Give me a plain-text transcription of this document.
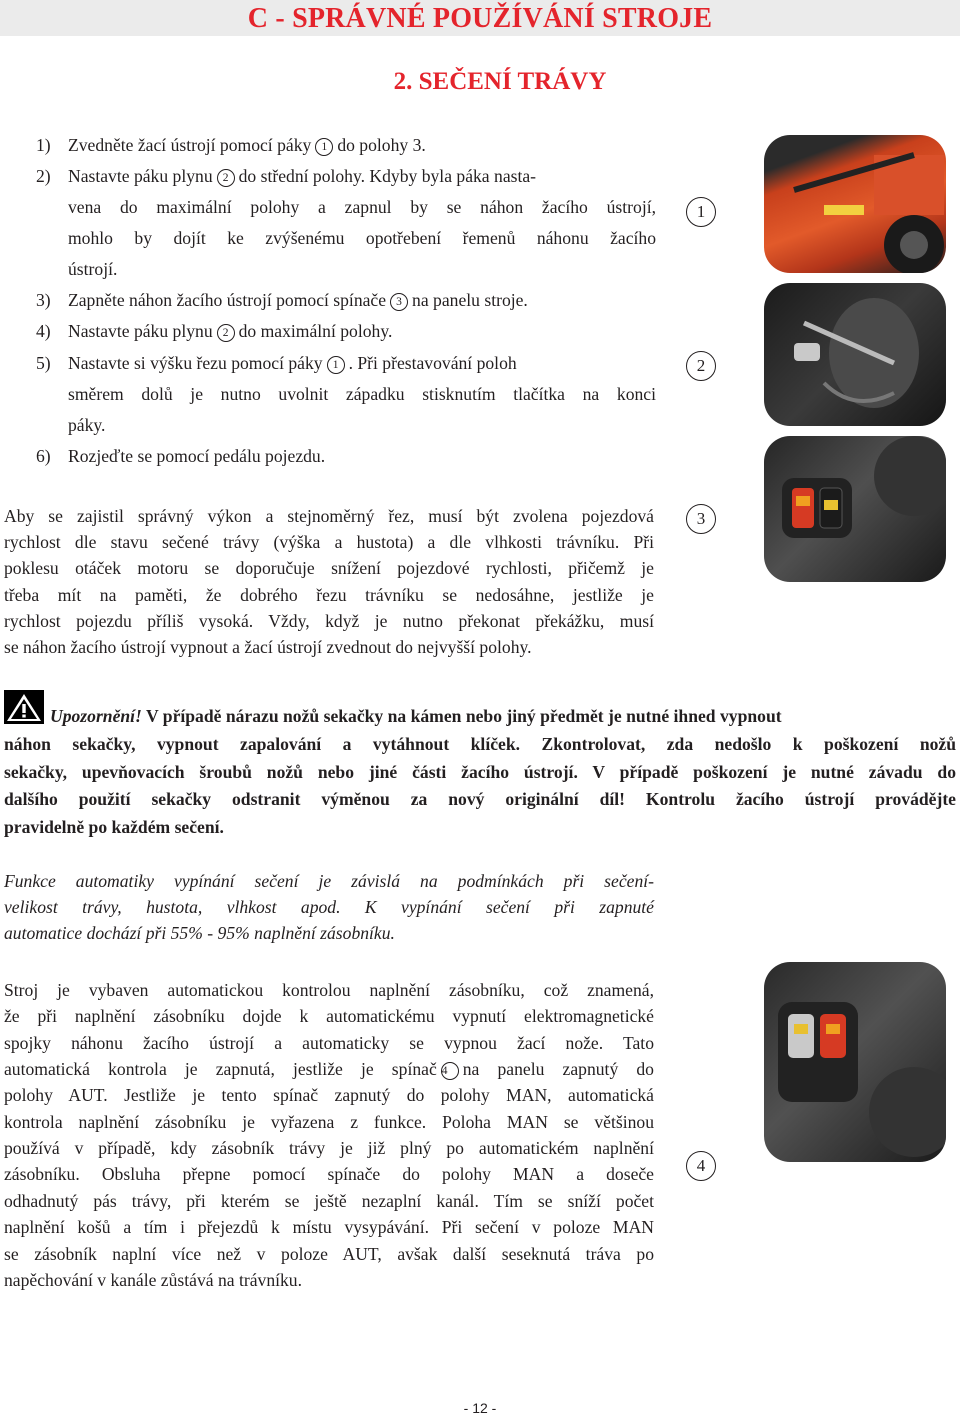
C - SPRÁVNÉ POUŽÍVÁNÍ STROJE
2. SEČENÍ TRÁVY
1) Zvedněte žací ústrojí pomocí páky 1 do polohy 3.
2) Nastavte páku plynu 2 do střední polohy. Kdyby byla páka nasta-
vena do maximální polohy a zapnul by se náhon žacího ústrojí,
mohlo by dojít ke zvýšenému opotřebení řemenů náhonu žacího
ústrojí.
3) Zapněte náhon žacího ústrojí pomocí spínače 3 na panelu stroje.
4) Nastavte páku plynu 2 do maximální polohy.
5) Nastavte si výšku řezu pomocí páky 1 . Při přestavování poloh
směrem dolů je nutno uvolnit západku stisknutím tlačítka na konci
páky.
6) Rozjeďte se pomocí pedálu pojezdu.
1
2
3
4
Aby se zajistil správný výkon a stejnoměrný řez, musí být zvolena pojezdová
rychlost dle stavu sečené trávy (výška a hustota) a dle vlhkosti trávníku. Při
poklesu otáček motoru se doporučuje snížení pojezdové rychlosti, přičemž je
třeba mít na paměti, že dobrého řezu trávníku se nedosáhne, jestliže je
rychlost pojezdu příliš vysoká. Vždy, když je nutno překonat překážku, musí
se náhon žacího ústrojí vypnout a žací ústrojí zvednout do nejvyšší polohy.
Upozornění! V případě nárazu nožů sekačky na kámen nebo jiný předmět je nutné ihned vypnout
náhon sekačky, vypnout zapalování a vytáhnout klíček. Zkontrolovat, zda nedošlo k poškození nožů
sekačky, upevňovacích šroubů nožů nebo jiné části žacího ústrojí. V případě poškození je nutné závadu do
dalšího použití sekačky odstranit výměnou za nový originální díl! Kontrolu žacího ústrojí provádějte
pravidelně po každém sečení.
Funkce automatiky vypínání sečení je závislá na podmínkách při sečení-
velikost trávy, hustota, vlhkost apod. K vypínání sečení při zapnuté
automatice dochází při 55% - 95% naplnění zásobníku.
Stroj je vybaven automatickou kontrolou naplnění zásobníku, což znamená,
že při naplnění zásobníku dojde k automatickému vypnutí elektromagnetické
spojky náhonu žacího ústrojí a automaticky se vypnou žací nože. Tato
automatická kontrola je zapnutá, jestliže je spínač 4 na panelu zapnutý do
polohy AUT. Jestliže je tento spínač zapnutý do polohy MAN, automatická
kontrola naplnění zásobníku je vyřazena z funkce. Poloha MAN se většinou
používá v případě, kdy zásobník trávy je již plný po automatickém naplnění
zásobníku. Obsluha přepne pomocí spínače do polohy MAN a doseče
odhadnutý pás trávy, při kterém se ještě nezaplní kanál. Tím se sníží počet
naplnění košů a tím i přejezdů k místu vysypávání. Při sečení v poloze MAN
se zásobník naplní více než v poloze AUT, avšak další seseknutá tráva po
napěchování v kanále zůstává na trávníku.
- 12 -
